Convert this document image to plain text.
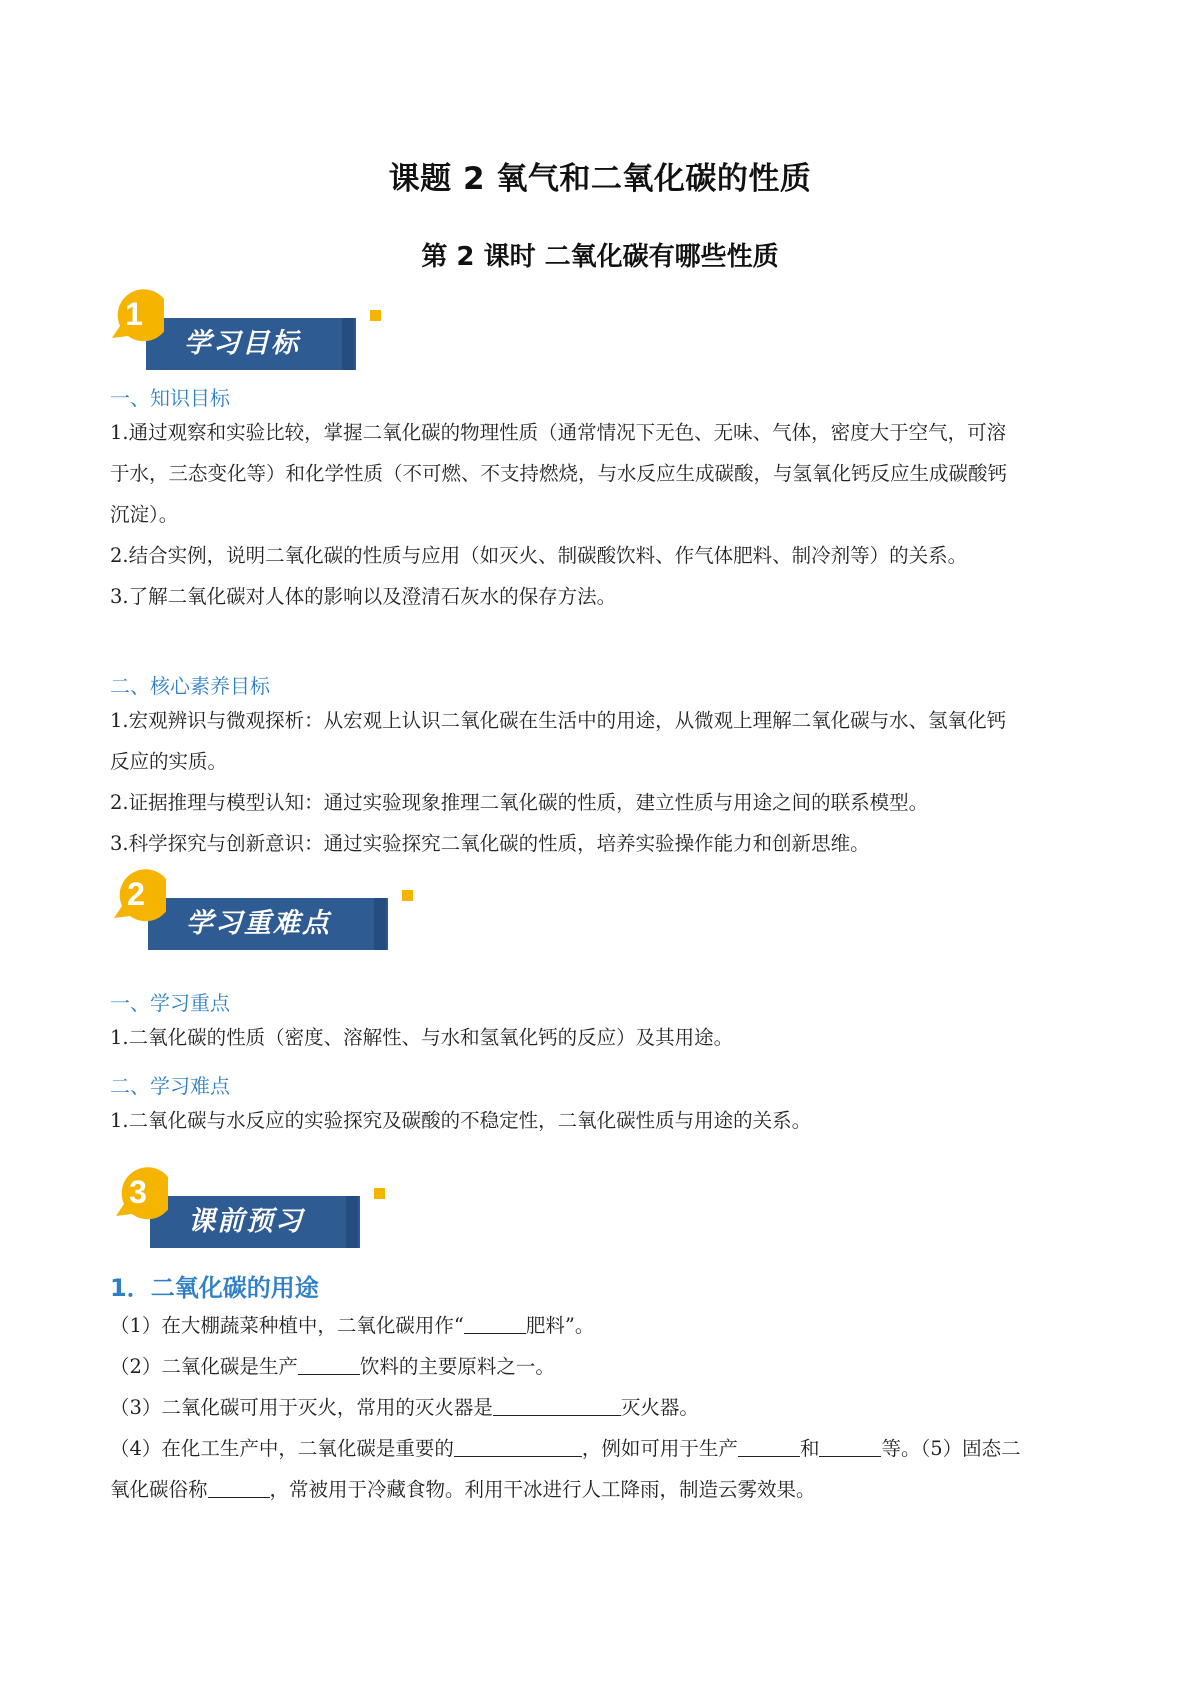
课题 2 氧气和二氧化碳的性质
第 2 课时 二氧化碳有哪些性质
1
学习目标
一、知识目标
1.通过观察和实验比较，掌握二氧化碳的物理性质（通常情况下无色、无味、气体，密度大于空气，可溶
于水，三态变化等）和化学性质（不可燃、不支持燃烧，与水反应生成碳酸，与氢氧化钙反应生成碳酸钙
沉淀）。
2.结合实例，说明二氧化碳的性质与应用（如灭火、制碳酸饮料、作气体肥料、制冷剂等）的关系。
3.了解二氧化碳对人体的影响以及澄清石灰水的保存方法。
二、核心素养目标
1.宏观辨识与微观探析：从宏观上认识二氧化碳在生活中的用途，从微观上理解二氧化碳与水、氢氧化钙
反应的实质。
2.证据推理与模型认知：通过实验现象推理二氧化碳的性质，建立性质与用途之间的联系模型。
3.科学探究与创新意识：通过实验探究二氧化碳的性质，培养实验操作能力和创新思维。
2
学习重难点
一、学习重点
1.二氧化碳的性质（密度、溶解性、与水和氢氧化钙的反应）及其用途。
二、学习难点
1.二氧化碳与水反应的实验探究及碳酸的不稳定性，二氧化碳性质与用途的关系。
3
课前预习
1．二氧化碳的用途
（1）在大棚蔬菜种植中，二氧化碳用作“	肥料”。
（2）二氧化碳是生产	饮料的主要原料之一。
（3）二氧化碳可用于灭火，常用的灭火器是	灭火器。
（4）在化工生产中，二氧化碳是重要的	，例如可用于生产	和	等。（5）固态二
氧化碳俗称	，常被用于冷藏食物。利用干冰进行人工降雨，制造云雾效果。
